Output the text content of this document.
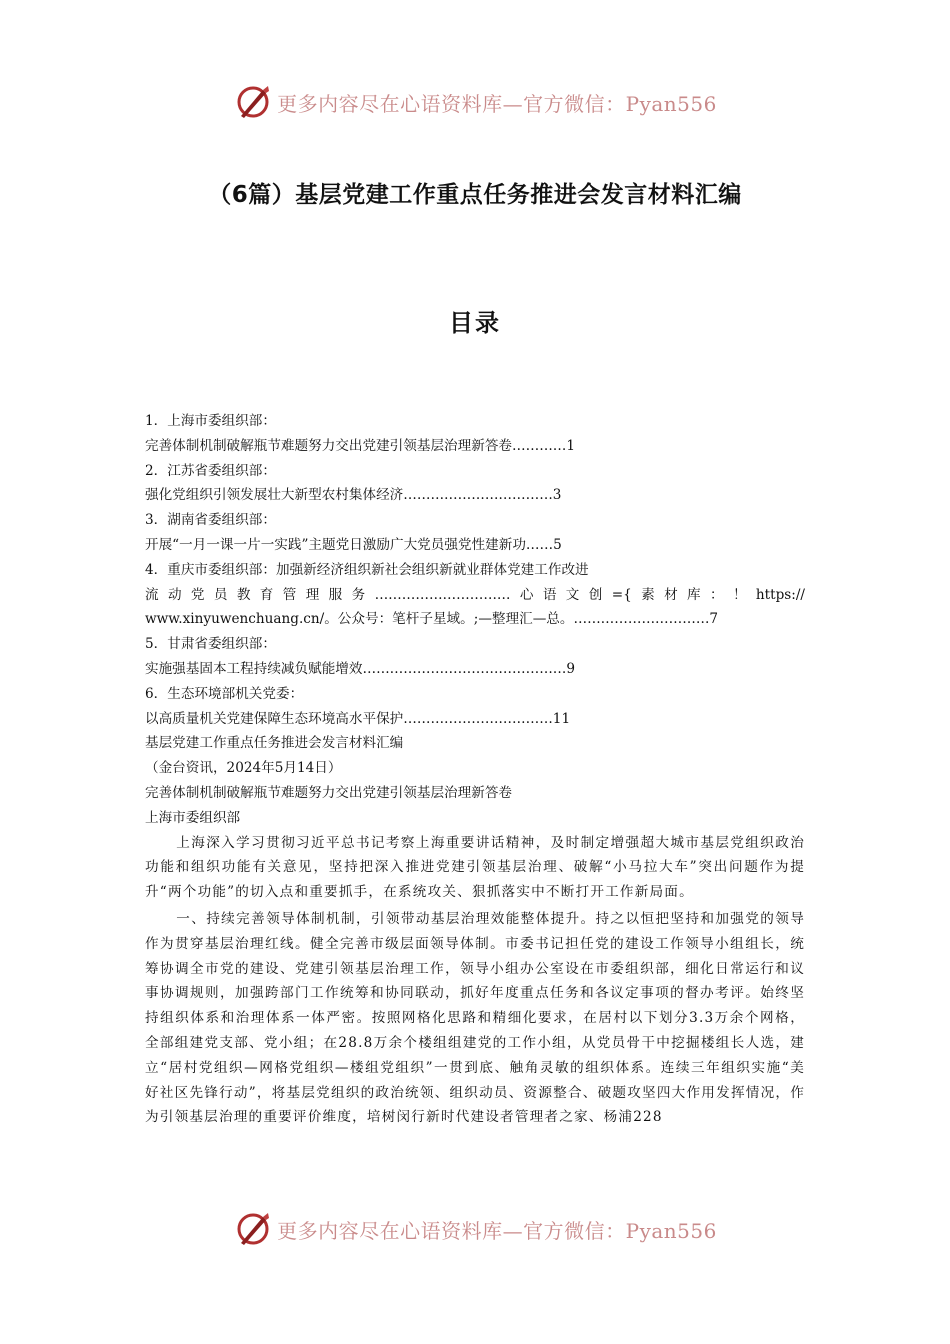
更多内容尽在心语资料库—官方微信：Pyan556
（6篇）基层党建工作重点任务推进会发言材料汇编
目录
1．上海市委组织部：
完善体制机制破解瓶节难题努力交出党建引领基层治理新答卷…………1
2．江苏省委组织部：
强化党组织引领发展壮大新型农村集体经济……………………………3
3．湖南省委组织部：
开展“一月一课一片一实践”主题党日激励广大党员强党性建新功……5
4．重庆市委组织部：加强新经济组织新社会组织新就业群体党建工作改进
流动党员教育管理服务…………………………心语文创={素材库：！https://
www.xinyuwenchuang.cn/。公众号：笔杆子星域。;—整理汇—总。…………………………7
5．甘肃省委组织部：
实施强基固本工程持续减负赋能增效………………………………………9
6．生态环境部机关党委：
以高质量机关党建保障生态环境高水平保护……………………………11
基层党建工作重点任务推进会发言材料汇编
（金台资讯，2024年5月14日）
完善体制机制破解瓶节难题努力交出党建引领基层治理新答卷
上海市委组织部

上海深入学习贯彻习近平总书记考察上海重要讲话精神，及时制定增强超大城市基层党组织政治功能和组织功能有关意见，坚持把深入推进党建引领基层治理、破解“小马拉大车”突出问题作为提升“两个功能”的切入点和重要抓手，在系统攻关、狠抓落实中不断打开工作新局面。

一、持续完善领导体制机制，引领带动基层治理效能整体提升。持之以恒把坚持和加强党的领导作为贯穿基层治理红线。健全完善市级层面领导体制。市委书记担任党的建设工作领导小组组长，统筹协调全市党的建设、党建引领基层治理工作，领导小组办公室设在市委组织部，细化日常运行和议事协调规则，加强跨部门工作统筹和协同联动，抓好年度重点任务和各议定事项的督办考评。始终坚持组织体系和治理体系一体严密。按照网格化思路和精细化要求，在居村以下划分3.3万余个网格，全部组建党支部、党小组；在28.8万余个楼组组建党的工作小组，从党员骨干中挖掘楼组长人选，建立“居村党组织—网格党组织—楼组党组织”一贯到底、触角灵敏的组织体系。连续三年组织实施“美好社区先锋行动”，将基层党组织的政治统领、组织动员、资源整合、破题攻坚四大作用发挥情况，作为引领基层治理的重要评价维度，培树闵行新时代建设者管理者之家、杨浦228

更多内容尽在心语资料库—官方微信：Pyan556
